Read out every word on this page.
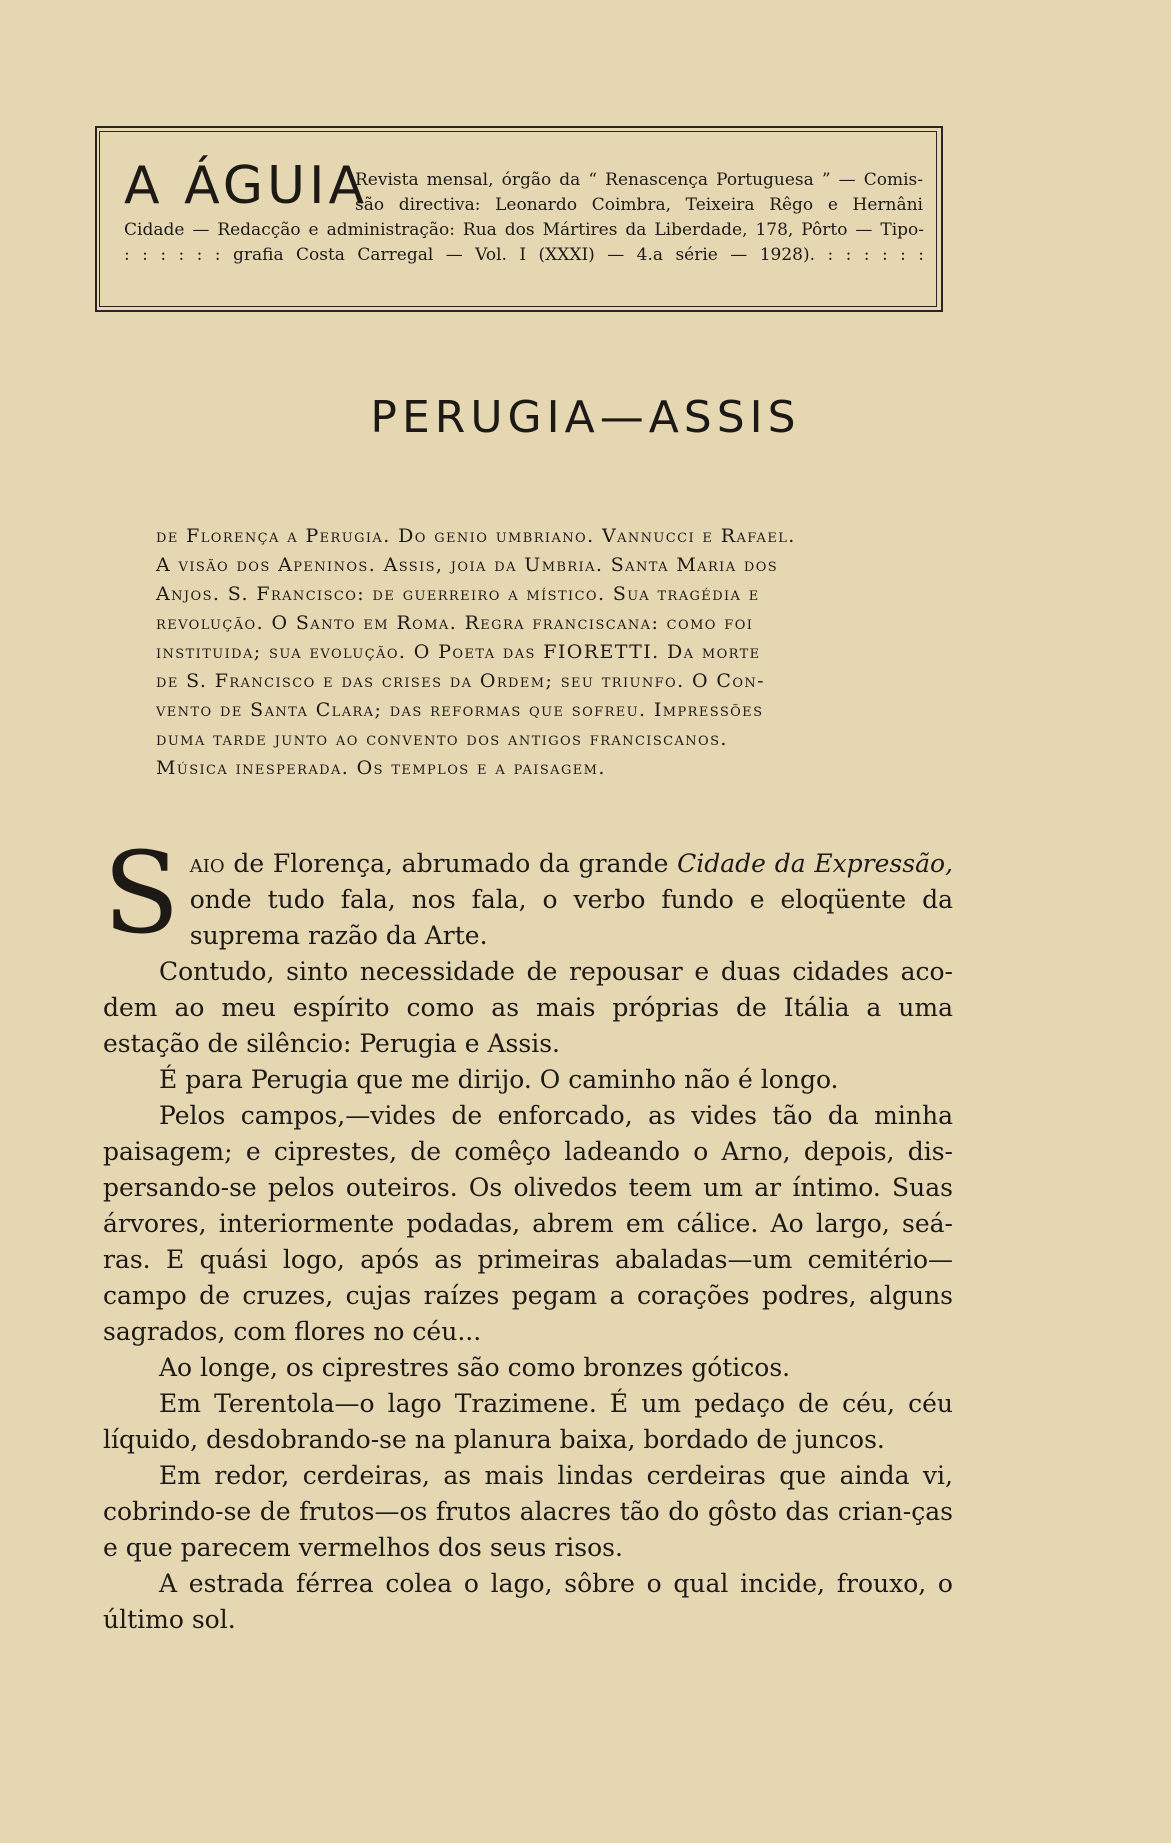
A ÁGUIA
Revista mensal, órgão da “ Renascença Portuguesa ” — Comis-
são directiva: Leonardo Coimbra, Teixeira Rêgo e Hernâni
Cidade — Redacção e administração: Rua dos Mártires da Liberdade, 178, Pôrto — Tipo-
: : : : : : grafia Costa Carregal — Vol. I (XXXI) — 4.a série — 1928). : : : : : :
PERUGIA—ASSIS
de Florença a Perugia. Do genio umbriano. Vannucci e Rafael.
A visão dos Apeninos. Assis, joia da Umbria. Santa Maria dos
Anjos. S. Francisco: de guerreiro a místico. Sua tragédia e
revolução. O Santo em Roma. Regra franciscana: como foi
instituida; sua evolução. O Poeta das FIORETTI. Da morte
de S. Francisco e das crises da Ordem; seu triunfo. O Con-
vento de Santa Clara; das reformas que sofreu. Impressões
duma tarde junto ao convento dos antigos franciscanos.
Música inesperada. Os templos e a paisagem.

Saio de Florença, abrumado da grande Cidade da Expressão, onde tudo fala, nos fala, o verbo fundo e eloqüente da suprema razão da Arte.

Contudo, sinto necessidade de repousar e duas cidades aco-dem ao meu espírito como as mais próprias de Itália a uma estação de silêncio: Perugia e Assis.

É para Perugia que me dirijo. O caminho não é longo.

Pelos campos,—vides de enforcado, as vides tão da minha paisagem; e ciprestes, de comêço ladeando o Arno, depois, dis-persando-se pelos outeiros. Os olivedos teem um ar íntimo. Suas árvores, interiormente podadas, abrem em cálice. Ao largo, seá-ras. E quási logo, após as primeiras abaladas—um cemitério—campo de cruzes, cujas raízes pegam a corações podres, alguns sagrados, com flores no céu...

Ao longe, os ciprestres são como bronzes góticos.

Em Terentola—o lago Trazimene. É um pedaço de céu, céu líquido, desdobrando-se na planura baixa, bordado de juncos.

Em redor, cerdeiras, as mais lindas cerdeiras que ainda vi, cobrindo-se de frutos—os frutos alacres tão do gôsto das crian-ças e que parecem vermelhos dos seus risos.

A estrada férrea colea o lago, sôbre o qual incide, frouxo, o último sol.
